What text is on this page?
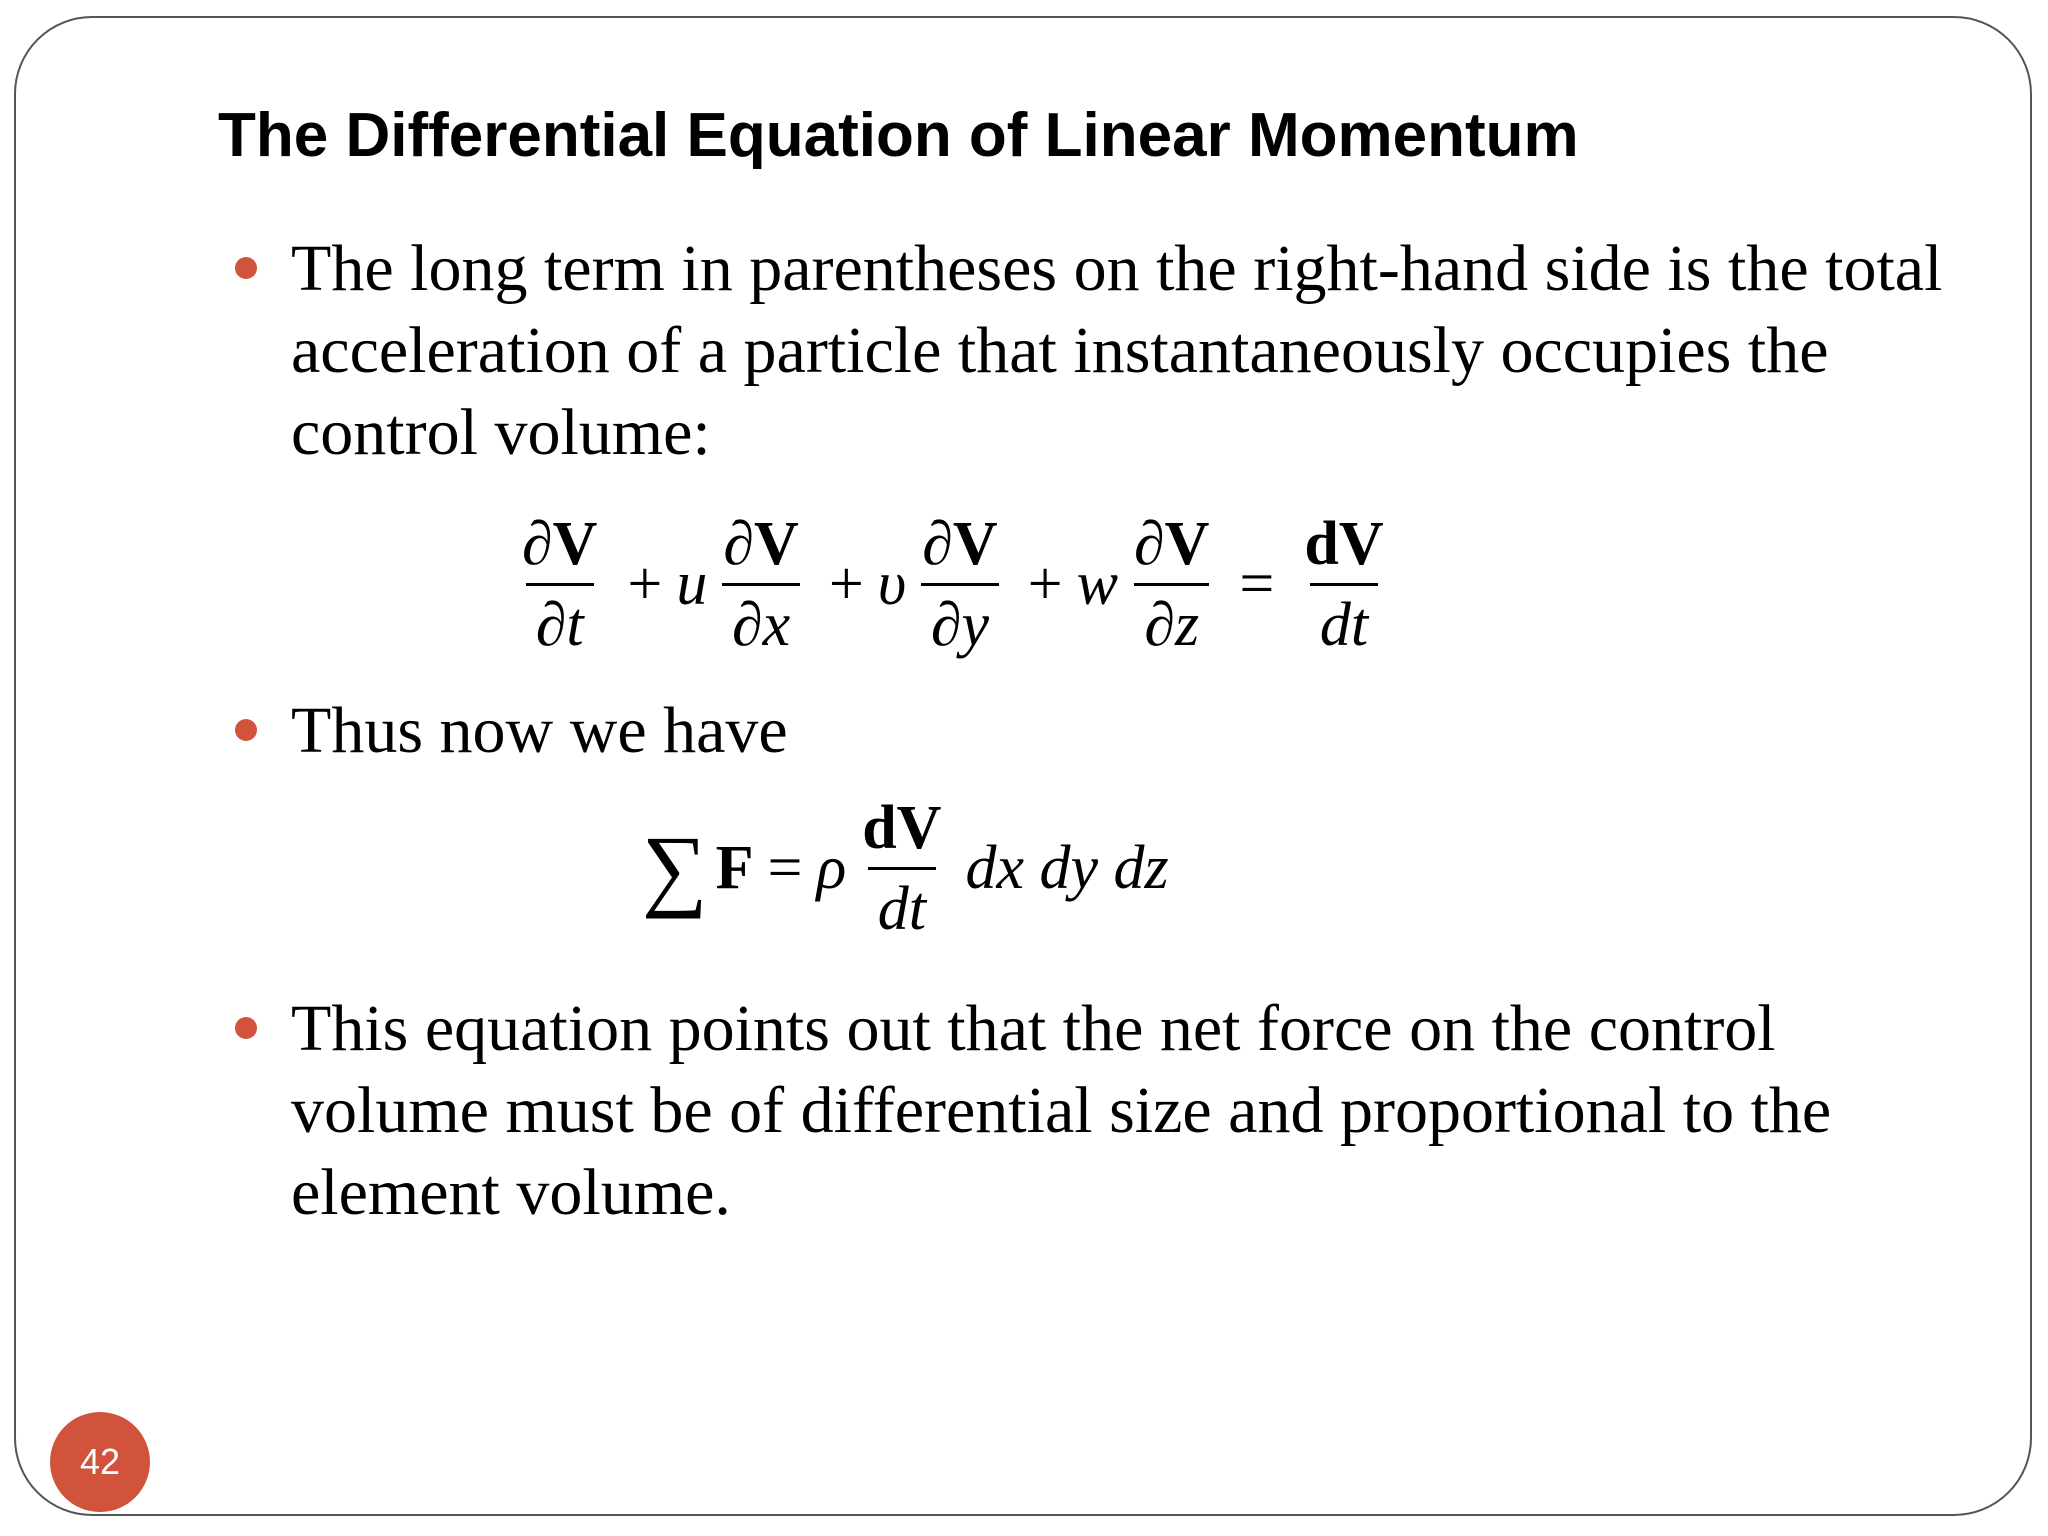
The Differential Equation of Linear Momentum
The long term in parentheses on the right-hand side is the total acceleration of a particle that instantaneously occupies the control volume:
$\frac{\partial V}{\partial t} + u \frac{\partial V}{\partial x} + \upsilon \frac{\partial V}{\partial y} + w \frac{\partial V}{\partial z} = \frac{dV}{dt}$
Thus now we have
∑ F = ρ $\frac{dV}{dt}$ dx dy dz
This equation points out that the net force on the control volume must be of differential size and proportional to the element volume.
42
